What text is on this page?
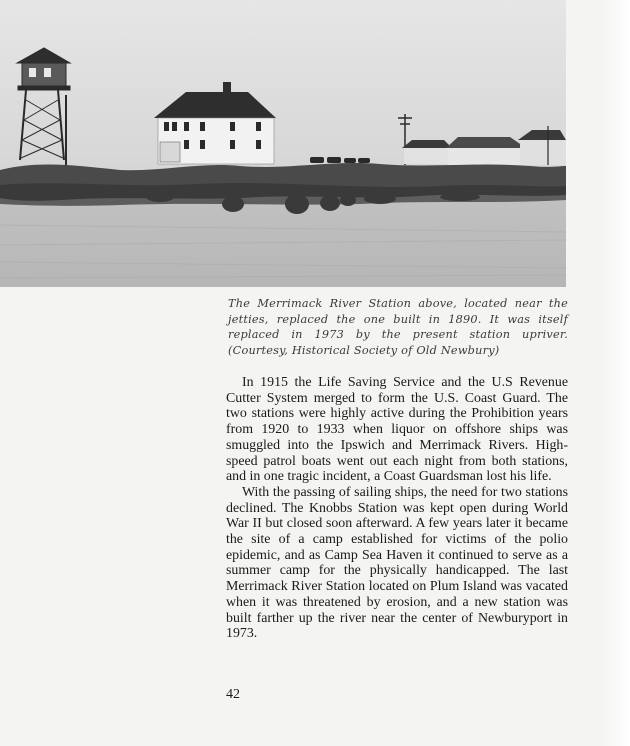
The Merrimack River Station above, located near the jetties, replaced the one built in 1890. It was itself replaced in 1973 by the present station upriver. (Courtesy, Historical Society of Old Newbury)

In 1915 the Life Saving Service and the U.S Revenue Cutter System merged to form the U.S. Coast Guard. The two stations were highly active during the Prohibition years from 1920 to 1933 when liquor on offshore ships was smuggled into the Ipswich and Merrimack Rivers. High-speed patrol boats went out each night from both stations, and in one tragic incident, a Coast Guardsman lost his life.

With the passing of sailing ships, the need for two stations declined. The Knobbs Station was kept open during World War II but closed soon afterward. A few years later it became the site of a camp established for victims of the polio epidemic, and as Camp Sea Haven it continued to serve as a summer camp for the physically handicapped. The last Merrimack River Station located on Plum Island was vacated when it was threatened by erosion, and a new station was built farther up the river near the center of Newburyport in 1973.

42
